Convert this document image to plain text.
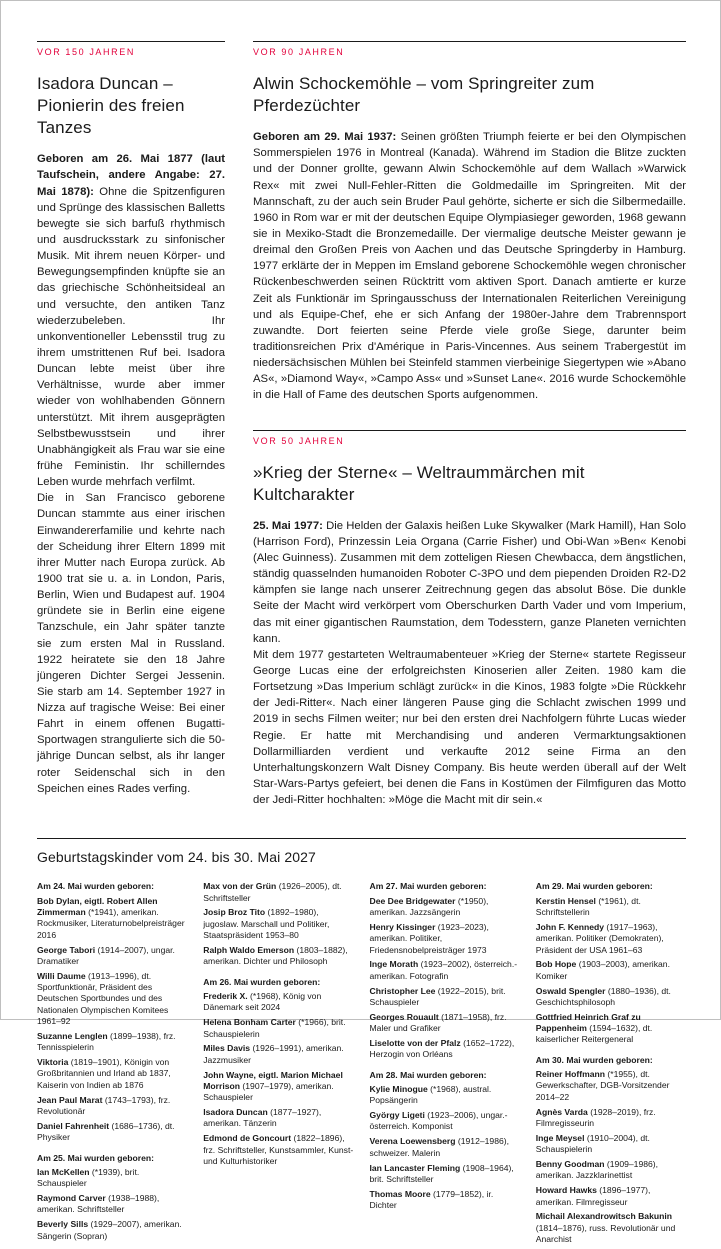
VOR 150 JAHREN
Isadora Duncan – Pionierin des freien Tanzes

Geboren am 26. Mai 1877 (laut Taufschein, andere Angabe: 27. Mai 1878): Ohne die Spitzenfiguren und Sprünge des klassischen Balletts bewegte sie sich barfuß rhythmisch und ausdrucksstark zu sinfonischer Musik. Mit ihrem neuen Körper- und Bewegungsempfinden knüpfte sie an das griechische Schönheitsideal an und versuchte, den antiken Tanz wiederzubeleben. Ihr unkonventioneller Lebensstil trug zu ihrem umstrittenen Ruf bei. Isadora Duncan lebte meist über ihre Verhältnisse, wurde aber immer wieder von wohlhabenden Gönnern unterstützt. Mit ihrem ausgeprägten Selbstbewusstsein und ihrer Unabhängigkeit als Frau war sie eine frühe Feministin. Ihr schillerndes Leben wurde mehrfach verfilmt.

Die in San Francisco geborene Duncan stammte aus einer irischen Einwandererfamilie und kehrte nach der Scheidung ihrer Eltern 1899 mit ihrer Mutter nach Europa zurück. Ab 1900 trat sie u. a. in London, Paris, Berlin, Wien und Budapest auf. 1904 gründete sie in Berlin eine eigene Tanzschule, ein Jahr später tanzte sie zum ersten Mal in Russland. 1922 heiratete sie den 18 Jahre jüngeren Dichter Sergei Jessenin. Sie starb am 14. September 1927 in Nizza auf tragische Weise: Bei einer Fahrt in einem offenen Bugatti-Sportwagen strangulierte sich die 50-jährige Duncan selbst, als ihr langer roter Seidenschal sich in den Speichen eines Rades verfing.

VOR 90 JAHREN
Alwin Schockemöhle – vom Springreiter zum Pferdezüchter

Geboren am 29. Mai 1937: Seinen größten Triumph feierte er bei den Olympischen Sommerspielen 1976 in Montreal (Kanada). Während im Stadion die Blitze zuckten und der Donner grollte, gewann Alwin Schockemöhle auf dem Wallach »Warwick Rex« mit zwei Null-Fehler-Ritten die Goldmedaille im Springreiten. Mit der Mannschaft, zu der auch sein Bruder Paul gehörte, sicherte er sich die Silbermedaille. 1960 in Rom war er mit der deutschen Equipe Olympiasieger geworden, 1968 gewann sie in Mexiko-Stadt die Bronzemedaille. Der viermalige deutsche Meister gewann je dreimal den Großen Preis von Aachen und das Deutsche Springderby in Hamburg. 1977 erklärte der in Meppen im Emsland geborene Schockemöhle wegen chronischer Rückenbeschwerden seinen Rücktritt vom aktiven Sport. Danach amtierte er kurze Zeit als Funktionär im Springausschuss der Internationalen Reiterlichen Vereinigung und als Equipe-Chef, ehe er sich Anfang der 1980er-Jahre dem Trabrennsport zuwandte. Dort feierten seine Pferde viele große Siege, darunter beim traditionsreichen Prix d'Amérique in Paris-Vincennes. Aus seinem Trabergestüt im niedersächsischen Mühlen bei Steinfeld stammen vierbeinige Siegertypen wie »Abano AS«, »Diamond Way«, »Campo Ass« und »Sunset Lane«. 2016 wurde Schockemöhle in die Hall of Fame des deutschen Sports aufgenommen.

VOR 50 JAHREN
»Krieg der Sterne« – Weltraummärchen mit Kultcharakter

25. Mai 1977: Die Helden der Galaxis heißen Luke Skywalker (Mark Hamill), Han Solo (Harrison Ford), Prinzessin Leia Organa (Carrie Fisher) und Obi-Wan »Ben« Kenobi (Alec Guinness). Zusammen mit dem zotteligen Riesen Chewbacca, dem ängstlichen, ständig quasselnden humanoiden Roboter C-3PO und dem piependen Droiden R2-D2 kämpfen sie lange nach unserer Zeitrechnung gegen das absolut Böse. Die dunkle Seite der Macht wird verkörpert vom Oberschurken Darth Vader und vom Imperium, das mit einer gigantischen Raumstation, dem Todesstern, ganze Planeten vernichten kann.

Mit dem 1977 gestarteten Weltraumabenteuer »Krieg der Sterne« startete Regisseur George Lucas eine der erfolgreichsten Kinoserien aller Zeiten. 1980 kam die Fortsetzung »Das Imperium schlägt zurück« in die Kinos, 1983 folgte »Die Rückkehr der Jedi-Ritter«. Nach einer längeren Pause ging die Schlacht zwischen 1999 und 2019 in sechs Filmen weiter; nur bei den ersten drei Nachfolgern führte Lucas wieder Regie. Er hatte mit Merchandising und anderen Vermarktungsaktionen Dollarmilliarden verdient und verkaufte 2012 seine Firma an den Unterhaltungskonzern Walt Disney Company. Bis heute werden überall auf der Welt Star-Wars-Partys gefeiert, bei denen die Fans in Kostümen der Filmfiguren das Motto der Jedi-Ritter hochhalten: »Möge die Macht mit dir sein.«

Geburtstagskinder vom 24. bis 30. Mai 2027
Am 24. Mai wurden geboren:

Bob Dylan, eigtl. Robert Allen Zimmerman (*1941), amerikan. Rockmusiker, Literaturnobelpreisträger 2016

George Tabori (1914–2007), ungar. Dramatiker

Willi Daume (1913–1996), dt. Sportfunktionär, Präsident des Deutschen Sportbundes und des Nationalen Olympischen Komitees 1961–92

Suzanne Lenglen (1899–1938), frz. Tennisspielerin

Viktoria (1819–1901), Königin von Großbritannien und Irland ab 1837, Kaiserin von Indien ab 1876

Jean Paul Marat (1743–1793), frz. Revolutionär

Daniel Fahrenheit (1686–1736), dt. Physiker

Am 25. Mai wurden geboren:

Ian McKellen (*1939), brit. Schauspieler

Raymond Carver (1938–1988), amerikan. Schriftsteller

Beverly Sills (1929–2007), amerikan. Sängerin (Sopran)

Max von der Grün (1926–2005), dt. Schriftsteller

Josip Broz Tito (1892–1980), jugoslaw. Marschall und Politiker, Staatspräsident 1953–80

Ralph Waldo Emerson (1803–1882), amerikan. Dichter und Philosoph

Am 26. Mai wurden geboren:

Frederik X. (*1968), König von Dänemark seit 2024

Helena Bonham Carter (*1966), brit. Schauspielerin

Miles Davis (1926–1991), amerikan. Jazzmusiker

John Wayne, eigtl. Marion Michael Morrison (1907–1979), amerikan. Schauspieler

Isadora Duncan (1877–1927), amerikan. Tänzerin

Edmond de Goncourt (1822–1896), frz. Schriftsteller, Kunstsammler, Kunst- und Kulturhistoriker

Am 27. Mai wurden geboren:

Dee Dee Bridgewater (*1950), amerikan. Jazzsängerin

Henry Kissinger (1923–2023), amerikan. Politiker, Friedensnobelpreisträger 1973

Inge Morath (1923–2002), österreich.-amerikan. Fotografin

Christopher Lee (1922–2015), brit. Schauspieler

Georges Rouault (1871–1958), frz. Maler und Grafiker

Liselotte von der Pfalz (1652–1722), Herzogin von Orléans

Am 28. Mai wurden geboren:

Kylie Minogue (*1968), austral. Popsängerin

György Ligeti (1923–2006), ungar.-österreich. Komponist

Verena Loewensberg (1912–1986), schweizer. Malerin

Ian Lancaster Fleming (1908–1964), brit. Schriftsteller

Thomas Moore (1779–1852), ir. Dichter

Am 29. Mai wurden geboren:

Kerstin Hensel (*1961), dt. Schriftstellerin

John F. Kennedy (1917–1963), amerikan. Politiker (Demokraten), Präsident der USA 1961–63

Bob Hope (1903–2003), amerikan. Komiker

Oswald Spengler (1880–1936), dt. Geschichtsphilosoph

Gottfried Heinrich Graf zu Pappenheim (1594–1632), dt. kaiserlicher Reitergeneral

Am 30. Mai wurden geboren:

Reiner Hoffmann (*1955), dt. Gewerkschafter, DGB-Vorsitzender 2014–22

Agnès Varda (1928–2019), frz. Filmregisseurin

Inge Meysel (1910–2004), dt. Schauspielerin

Benny Goodman (1909–1986), amerikan. Jazzklarinettist

Howard Hawks (1896–1977), amerikan. Filmregisseur

Michail Alexandrowitsch Bakunin (1814–1876), russ. Revolutionär und Anarchist
